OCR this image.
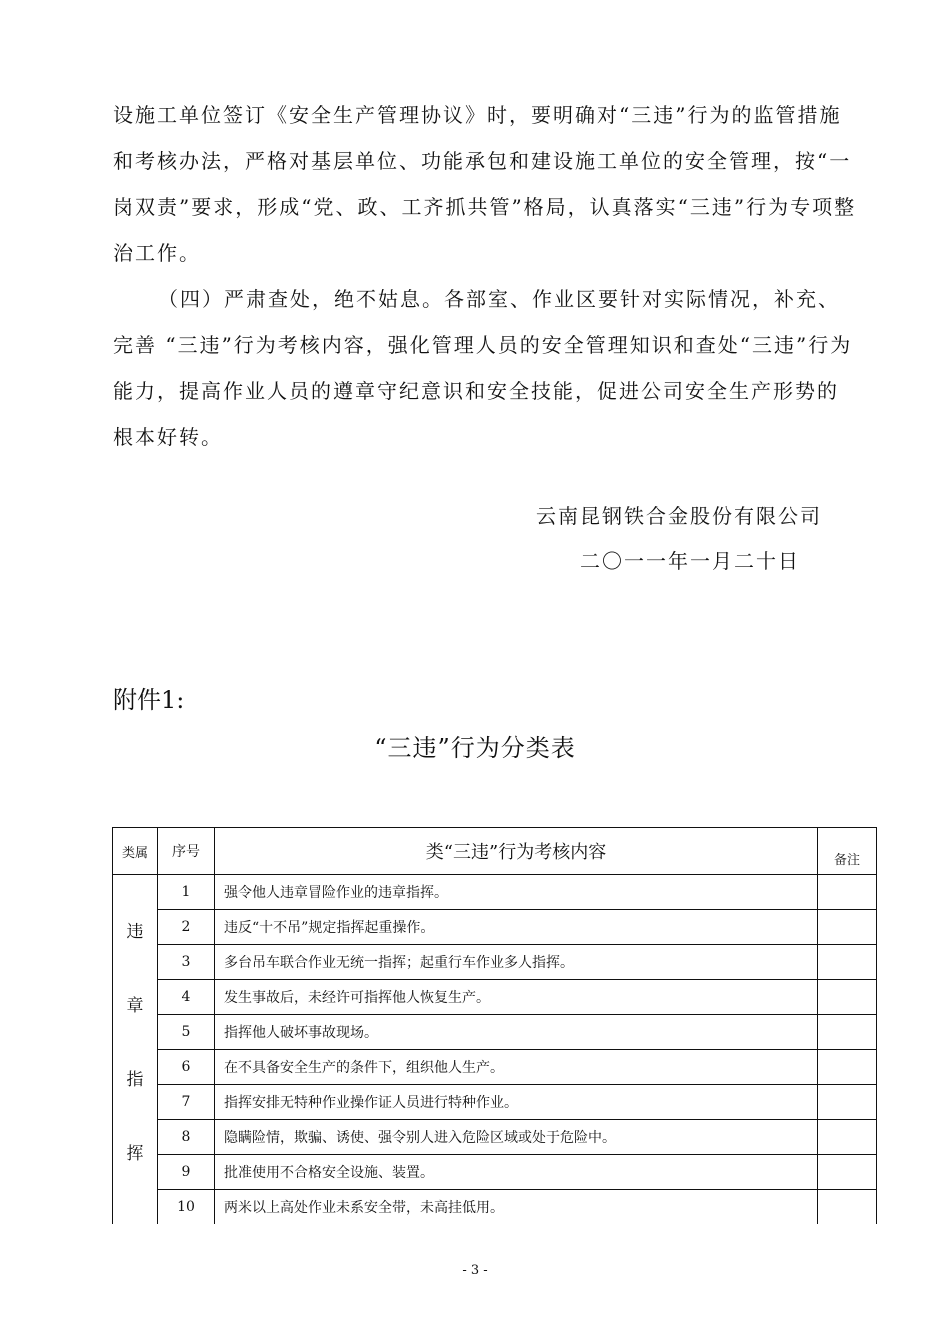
设施工单位签订《安全生产管理协议》时，要明确对“三违”行为的监管措施和考核办法，严格对基层单位、功能承包和建设施工单位的安全管理，按“一岗双责”要求，形成“党、政、工齐抓共管”格局，认真落实“三违”行为专项整治工作。

（四）严肃查处，绝不姑息。各部室、作业区要针对实际情况，补充、完善 “三违”行为考核内容，强化管理人员的安全管理知识和查处“三违”行为能力，提高作业人员的遵章守纪意识和安全技能，促进公司安全生产形势的根本好转。

云南昆钢铁合金股份有限公司
二〇一一年一月二十日
附件1:
“三违”行为分类表
类属	序号	类“三违”行为考核内容	备注

违
章
指
挥	1	强令他人违章冒险作业的违章指挥。	
	2	违反“十不吊”规定指挥起重操作。	
	3	多台吊车联合作业无统一指挥；起重行车作业多人指挥。	
	4	发生事故后，未经许可指挥他人恢复生产。	
	5	指挥他人破坏事故现场。	
	6	在不具备安全生产的条件下，组织他人生产。	
	7	指挥安排无特种作业操作证人员进行特种作业。	
	8	隐瞒险情，欺骗、诱使、强令别人进入危险区域或处于危险中。	
	9	批准使用不合格安全设施、装置。	
	10	两米以上高处作业未系安全带，未高挂低用。	
- 3 -
